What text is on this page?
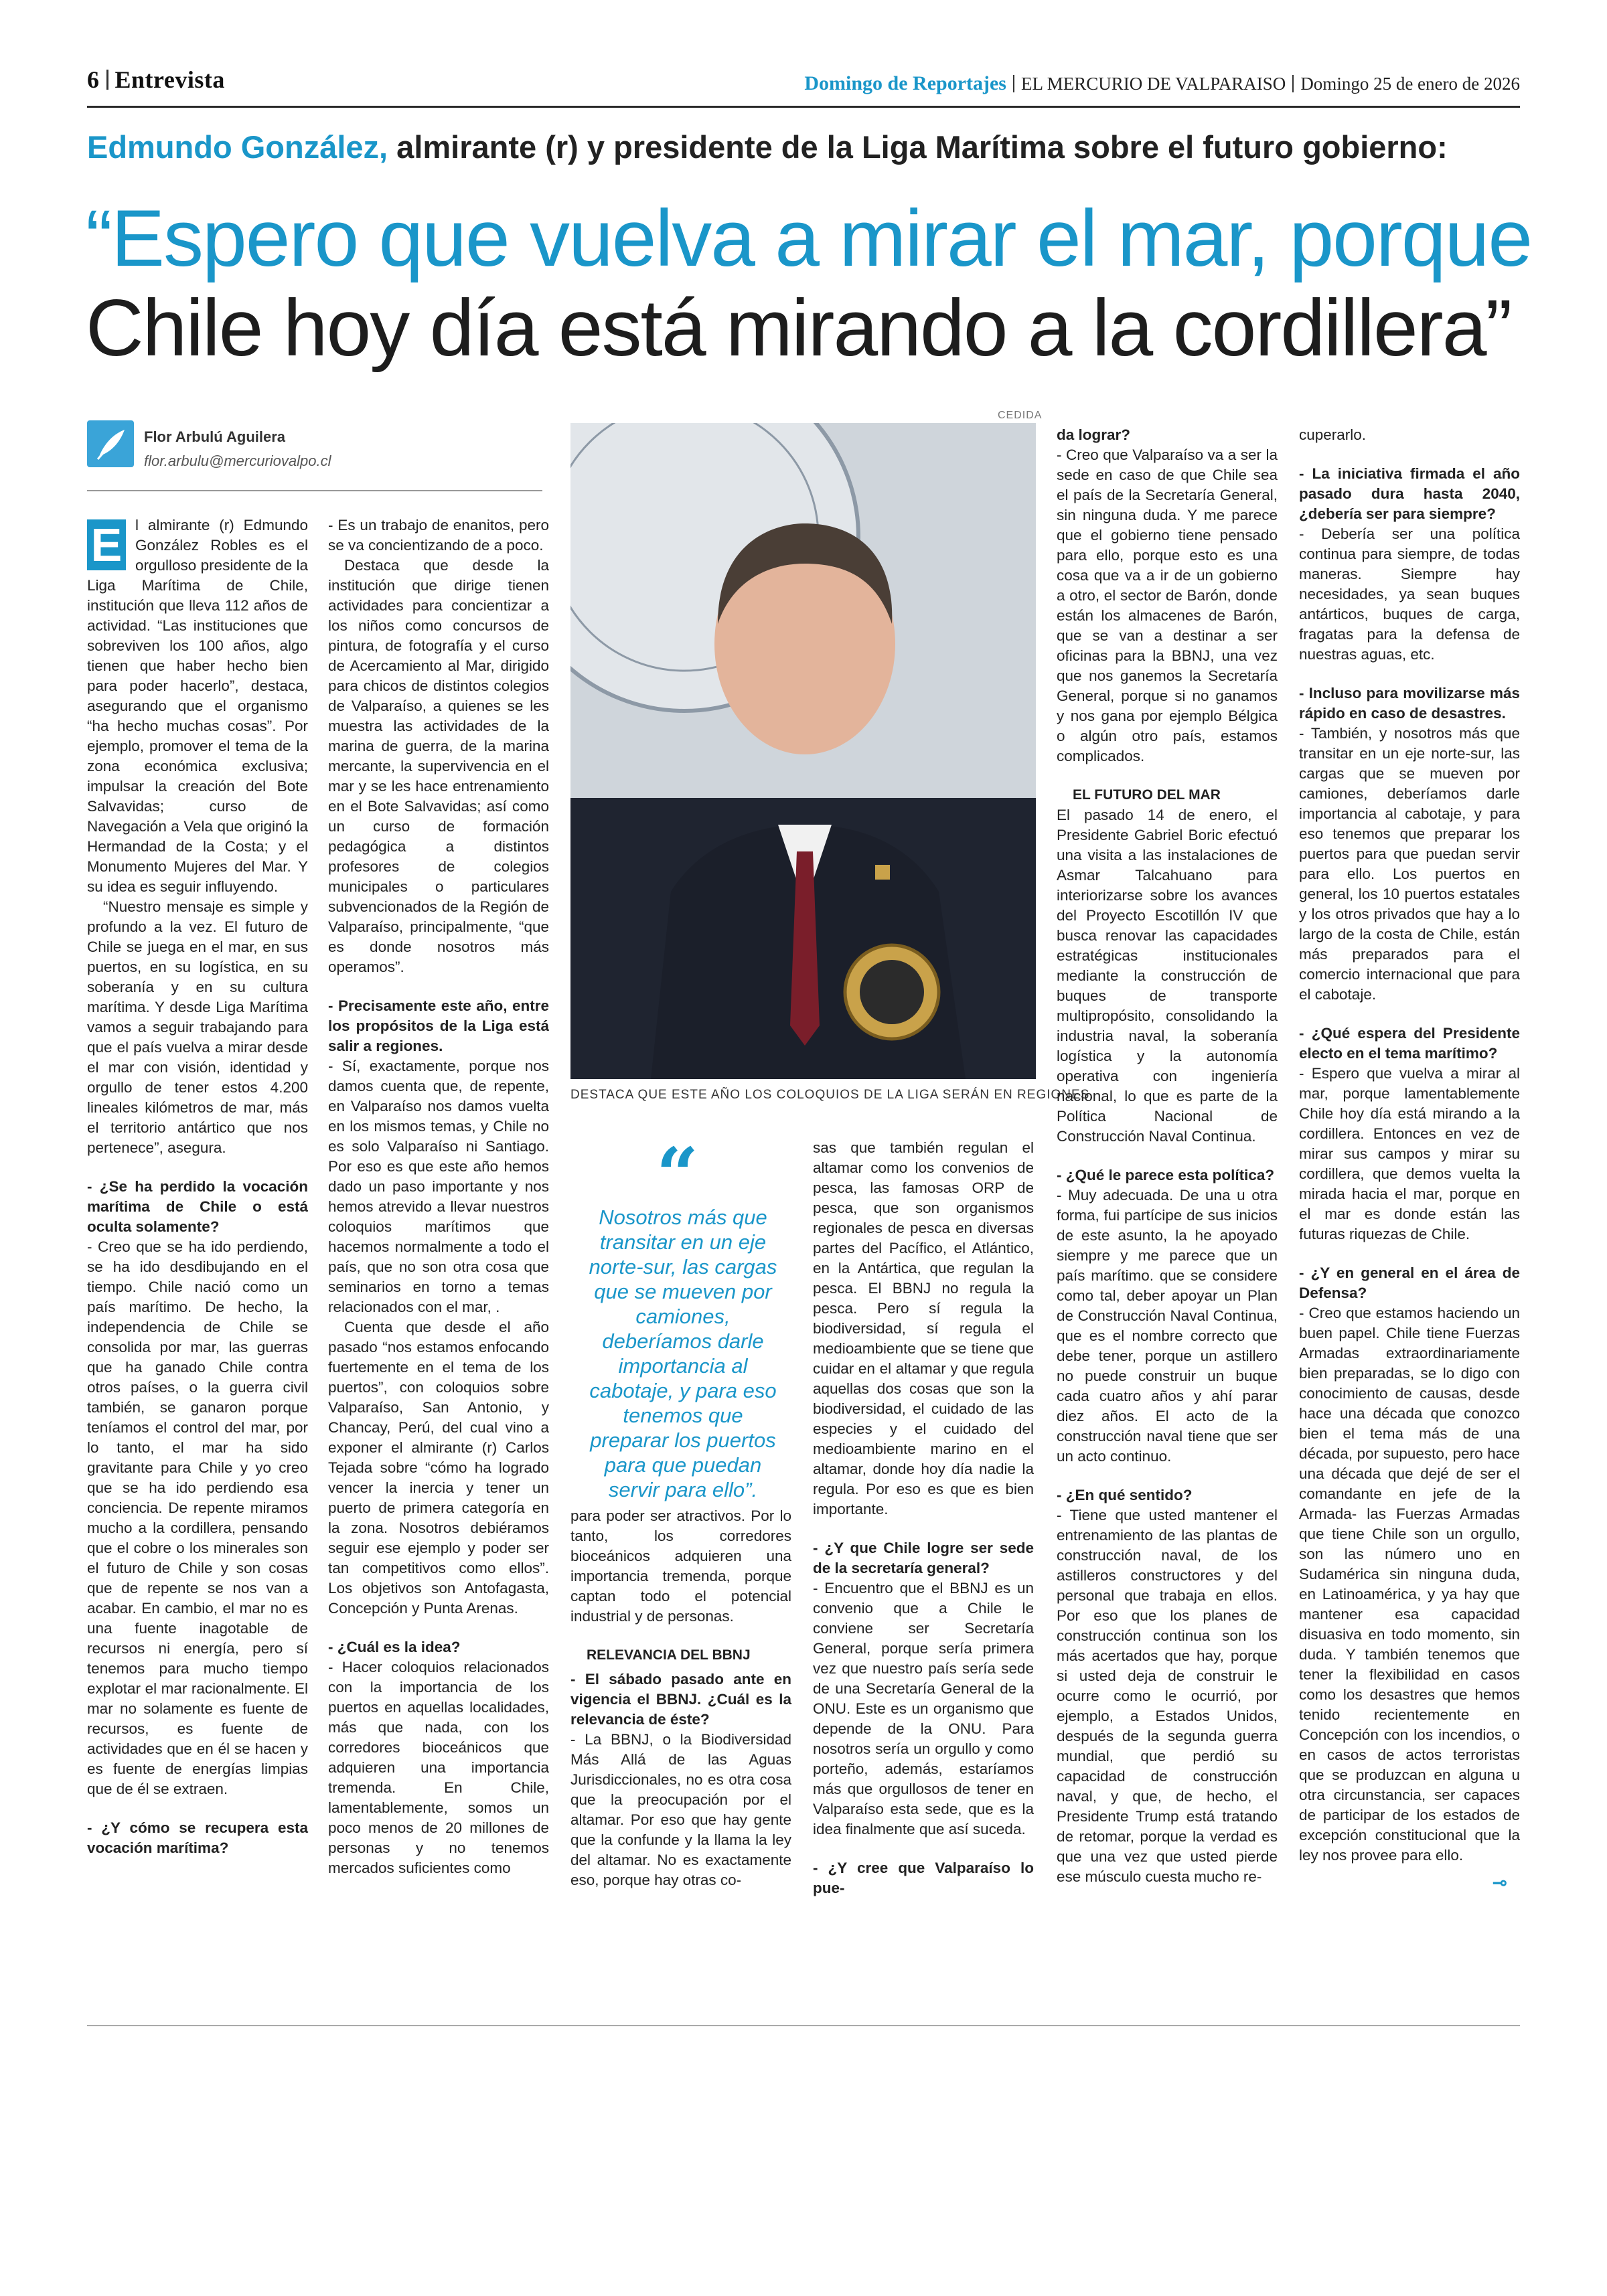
6 Entrevista	Domingo de Reportajes EL MERCURIO DE VALPARAISO Domingo 25 de enero de 2026
Edmundo González, almirante (r) y presidente de la Liga Marítima sobre el futuro gobierno:
“Espero que vuelva a mirar el mar, porque
Chile hoy día está mirando a la cordillera”
Flor Arbulú Aguilera
flor.arbulu@mercuriovalpo.cl

E l almirante (r) Edmundo González Robles es el orgulloso presidente de la Liga Marítima de Chile, institución que lleva 112 años de actividad. “Las instituciones que sobreviven los 100 años, algo tienen que haber hecho bien para poder hacerlo”, destaca, asegurando que el organismo “ha hecho muchas cosas”. Por ejemplo, promover el tema de la zona económica exclusiva; impulsar la creación del Bote Salvavidas; curso de Navegación a Vela que originó la Hermandad de la Costa; y el Monumento Mujeres del Mar. Y su idea es seguir influyendo.

“Nuestro mensaje es simple y profundo a la vez. El futuro de Chile se juega en el mar, en sus puertos, en su logística, en su soberanía y en su cultura marítima. Y desde Liga Marítima vamos a seguir trabajando para que el país vuelva a mirar desde el mar con visión, identidad y orgullo de tener estos 4.200 lineales kilómetros de mar, más el territorio antártico que nos pertenece”, asegura.

- ¿Se ha perdido la vocación marítima de Chile o está oculta solamente?

- Creo que se ha ido perdiendo, se ha ido desdibujando en el tiempo. Chile nació como un país marítimo. De hecho, la independencia de Chile se consolida por mar, las guerras que ha ganado Chile contra otros países, o la guerra civil también, se ganaron porque teníamos el control del mar, por lo tanto, el mar ha sido gravitante para Chile y yo creo que se ha ido perdiendo esa conciencia. De repente miramos mucho a la cordillera, pensando que el cobre o los minerales son el futuro de Chile y son cosas que de repente se nos van a acabar. En cambio, el mar no es una fuente inagotable de recursos ni energía, pero sí tenemos para mucho tiempo explotar el mar racionalmente. El mar no solamente es fuente de recursos, es fuente de actividades que en él se hacen y es fuente de energías limpias que de él se extraen.

- ¿Y cómo se recupera esta vocación marítima?

- Es un trabajo de enanitos, pero se va concientizando de a poco.

Destaca que desde la institución que dirige tienen actividades para concientizar a los niños como concursos de pintura, de fotografía y el curso de Acercamiento al Mar, dirigido para chicos de distintos colegios de Valparaíso, a quienes se les muestra las actividades de la marina de guerra, de la marina mercante, la supervivencia en el mar y se les hace entrenamiento en el Bote Salvavidas; así como un curso de formación pedagógica a distintos profesores de colegios municipales o particulares subvencionados de la Región de Valparaíso, principalmente, “que es donde nosotros más operamos”.

- Precisamente este año, entre los propósitos de la Liga está salir a regiones.

- Sí, exactamente, porque nos damos cuenta que, de repente, en Valparaíso nos damos vuelta en los mismos temas, y Chile no es solo Valparaíso ni Santiago. Por eso es que este año hemos dado un paso importante y nos hemos atrevido a llevar nuestros coloquios marítimos que hacemos normalmente a todo el país, que no son otra cosa que seminarios en torno a temas relacionados con el mar, .

Cuenta que desde el año pasado “nos estamos enfocando fuertemente en el tema de los puertos”, con coloquios sobre Valparaíso, San Antonio, y Chancay, Perú, del cual vino a exponer el almirante (r) Carlos Tejada sobre “cómo ha logrado vencer la inercia y tener un puerto de primera categoría en la zona. Nosotros debiéramos seguir ese ejemplo y poder ser tan competitivos como ellos”. Los objetivos son Antofagasta, Concepción y Punta Arenas.

- ¿Cuál es la idea?

- Hacer coloquios relacionados con la importancia de los puertos en aquellas localidades, más que nada, con los corredores bioceánicos que adquieren una importancia tremenda. En Chile, lamentablemente, somos un poco menos de 20 millones de personas y no tenemos mercados suficientes como

CEDIDA
DESTACA QUE ESTE AÑO LOS COLOQUIOS DE LA LIGA SERÁN EN REGIONES.
“
Nosotros más que transitar en un eje norte-sur, las cargas que se mueven por camiones, deberíamos darle importancia al cabotaje, y para eso tenemos que preparar los puertos para que puedan servir para ello”.

para poder ser atractivos. Por lo tanto, los corredores bioceánicos adquieren una importancia tremenda, porque captan todo el potencial industrial y de personas.

RELEVANCIA DEL BBNJ

- El sábado pasado ante en vigencia el BBNJ. ¿Cuál es la relevancia de éste?

- La BBNJ, o la Biodiversidad Más Allá de las Aguas Jurisdiccionales, no es otra cosa que la preocupación por el altamar. Por eso que hay gente que la confunde y la llama la ley del altamar. No es exactamente eso, porque hay otras co-

sas que también regulan el altamar como los convenios de pesca, las famosas ORP de pesca, que son organismos regionales de pesca en diversas partes del Pacífico, el Atlántico, en la Antártica, que regulan la pesca. El BBNJ no regula la pesca. Pero sí regula la biodiversidad, sí regula el medioambiente que se tiene que cuidar en el altamar y que regula aquellas dos cosas que son la biodiversidad, el cuidado de las especies y el cuidado del medioambiente marino en el altamar, donde hoy día nadie la regula. Por eso es que es bien importante.

- ¿Y que Chile logre ser sede de la secretaría general?

- Encuentro que el BBNJ es un convenio que a Chile le conviene ser Secretaría General, porque sería primera vez que nuestro país sería sede de una Secretaría General de la ONU. Este es un organismo que depende de la ONU. Para nosotros sería un orgullo y como porteño, además, estaríamos más que orgullosos de tener en Valparaíso esta sede, que es la idea finalmente que así suceda.

- ¿Y cree que Valparaíso lo pue-

da lograr?

- Creo que Valparaíso va a ser la sede en caso de que Chile sea el país de la Secretaría General, sin ninguna duda. Y me parece que el gobierno tiene pensado para ello, porque esto es una cosa que va a ir de un gobierno a otro, el sector de Barón, donde están los almacenes de Barón, que se van a destinar a ser oficinas para la BBNJ, una vez que nos ganemos la Secretaría General, porque si no ganamos y nos gana por ejemplo Bélgica o algún otro país, estamos complicados.

EL FUTURO DEL MAR

El pasado 14 de enero, el Presidente Gabriel Boric efectuó una visita a las instalaciones de Asmar Talcahuano para interiorizarse sobre los avances del Proyecto Escotillón IV que busca renovar las capacidades estratégicas institucionales mediante la construcción de buques de transporte multipropósito, consolidando la industria naval, la soberanía logística y la autonomía operativa con ingeniería nacional, lo que es parte de la Política Nacional de Construcción Naval Continua.

- ¿Qué le parece esta política?

- Muy adecuada. De una u otra forma, fui partícipe de sus inicios de este asunto, la he apoyado siempre y me parece que un país marítimo. que se considere como tal, deber apoyar un Plan de Construcción Naval Continua, que es el nombre correcto que debe tener, porque un astillero no puede construir un buque cada cuatro años y ahí parar diez años. El acto de la construcción naval tiene que ser un acto continuo.

- ¿En qué sentido?

- Tiene que usted mantener el entrenamiento de las plantas de construcción naval, de los astilleros constructores y del personal que trabaja en ellos. Por eso que los planes de construcción continua son los más acertados que hay, porque si usted deja de construir le ocurre como le ocurrió, por ejemplo, a Estados Unidos, después de la segunda guerra mundial, que perdió su capacidad de construcción naval, y que, de hecho, el Presidente Trump está tratando de retomar, porque la verdad es que una vez que usted pierde ese músculo cuesta mucho re-

cuperarlo.

- La iniciativa firmada el año pasado dura hasta 2040, ¿debería ser para siempre?

- Debería ser una política continua para siempre, de todas maneras. Siempre hay necesidades, ya sean buques antárticos, buques de carga, fragatas para la defensa de nuestras aguas, etc.

- Incluso para movilizarse más rápido en caso de desastres.

- También, y nosotros más que transitar en un eje norte-sur, las cargas que se mueven por camiones, deberíamos darle importancia al cabotaje, y para eso tenemos que preparar los puertos para que puedan servir para ello. Los puertos en general, los 10 puertos estatales y los otros privados que hay a lo largo de la costa de Chile, están más preparados para el comercio internacional que para el cabotaje.

- ¿Qué espera del Presidente electo en el tema marítimo?

- Espero que vuelva a mirar al mar, porque lamentablemente Chile hoy día está mirando a la cordillera. Entonces en vez de mirar sus campos y mirar su cordillera, que demos vuelta la mirada hacia el mar, porque en el mar es donde están las futuras riquezas de Chile.

- ¿Y en general en el área de Defensa?

- Creo que estamos haciendo un buen papel. Chile tiene Fuerzas Armadas extraordinariamente bien preparadas, se lo digo con conocimiento de causas, desde hace una década que conozco bien el tema más de una década, por supuesto, pero hace una década que dejé de ser el comandante en jefe de la Armada- las Fuerzas Armadas que tiene Chile son un orgullo, son las número uno en Sudamérica sin ninguna duda, en Latinoamérica, y ya hay que mantener esa capacidad disuasiva en todo momento, sin duda. Y también tenemos que tener la flexibilidad en casos como los desastres que hemos tenido recientemente en Concepción con los incendios, o en casos de actos terroristas que se produzcan en alguna u otra circunstancia, ser capaces de participar de los estados de excepción constitucional que la ley nos provee para ello.

⊸
